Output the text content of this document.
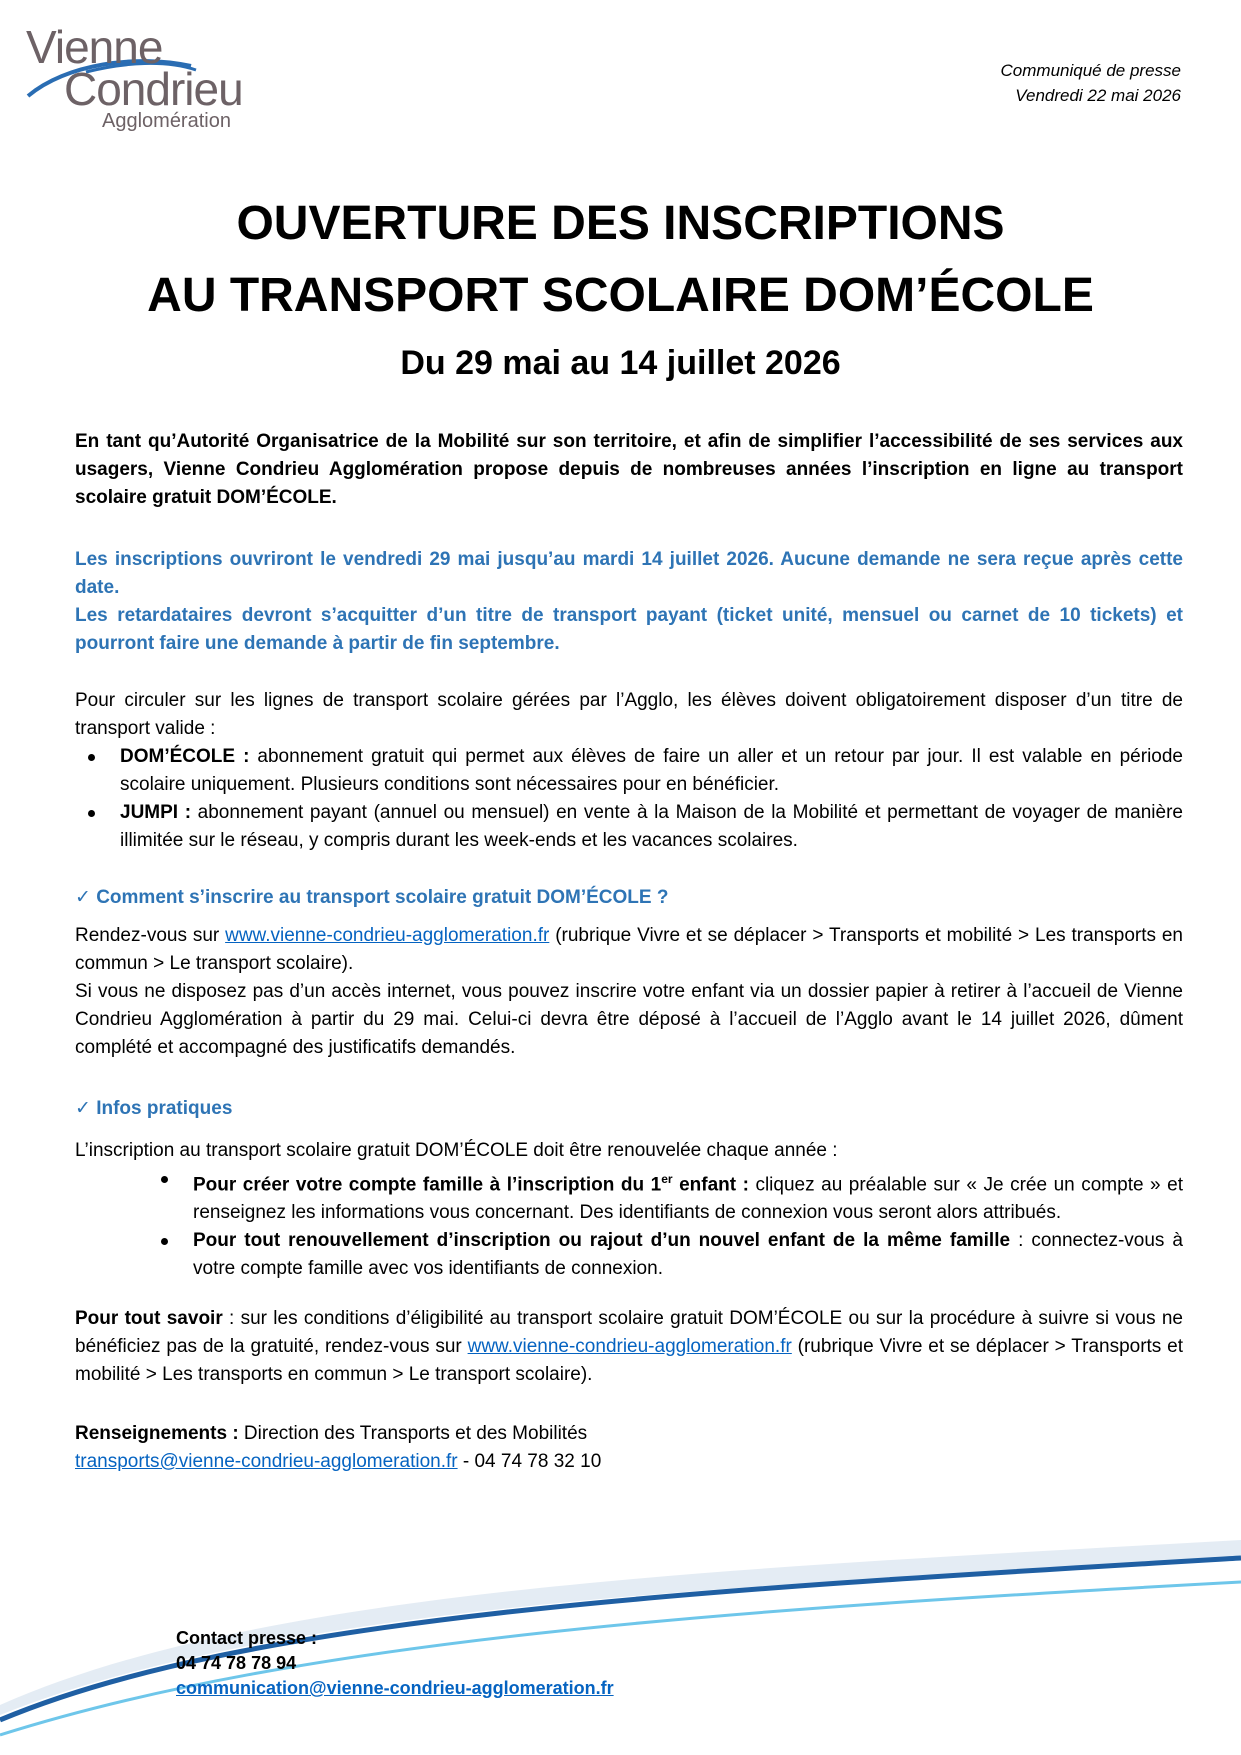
Vienne
Condrieu
Agglomération
Communiqué de presse
Vendredi 22 mai 2026
OUVERTURE DES INSCRIPTIONS
AU TRANSPORT SCOLAIRE DOM’ÉCOLE
Du 29 mai au 14 juillet 2026
En tant qu’Autorité Organisatrice de la Mobilité sur son territoire, et afin de simplifier l’accessibilité de ses services aux usagers, Vienne Condrieu Agglomération propose depuis de nombreuses années l’inscription en ligne au transport scolaire gratuit DOM’ÉCOLE.
Les inscriptions ouvriront le vendredi 29 mai jusqu’au mardi 14 juillet 2026. Aucune demande ne sera reçue après cette date.
Les retardataires devront s’acquitter d’un titre de transport payant (ticket unité, mensuel ou carnet de 10 tickets) et pourront faire une demande à partir de fin septembre.
Pour circuler sur les lignes de transport scolaire gérées par l’Agglo, les élèves doivent obligatoirement disposer d’un titre de transport valide :
DOM’ÉCOLE : abonnement gratuit qui permet aux élèves de faire un aller et un retour par jour. Il est valable en période scolaire uniquement. Plusieurs conditions sont nécessaires pour en bénéficier.
JUMPI : abonnement payant (annuel ou mensuel) en vente à la Maison de la Mobilité et permettant de voyager de manière illimitée sur le réseau, y compris durant les week-ends et les vacances scolaires.
✓ Comment s’inscrire au transport scolaire gratuit DOM’ÉCOLE ?
Rendez-vous sur www.vienne-condrieu-agglomeration.fr (rubrique Vivre et se déplacer > Transports et mobilité > Les transports en commun > Le transport scolaire).
Si vous ne disposez pas d’un accès internet, vous pouvez inscrire votre enfant via un dossier papier à retirer à l’accueil de Vienne Condrieu Agglomération à partir du 29 mai. Celui-ci devra être déposé à l’accueil de l’Agglo avant le 14 juillet 2026, dûment complété et accompagné des justificatifs demandés.
✓ Infos pratiques
L’inscription au transport scolaire gratuit DOM’ÉCOLE doit être renouvelée chaque année :
Pour créer votre compte famille à l’inscription du 1er enfant : cliquez au préalable sur « Je crée un compte » et renseignez les informations vous concernant. Des identifiants de connexion vous seront alors attribués.
Pour tout renouvellement d’inscription ou rajout d’un nouvel enfant de la même famille : connectez-vous à votre compte famille avec vos identifiants de connexion.
Pour tout savoir : sur les conditions d’éligibilité au transport scolaire gratuit DOM’ÉCOLE ou sur la procédure à suivre si vous ne bénéficiez pas de la gratuité, rendez-vous sur www.vienne-condrieu-agglomeration.fr (rubrique Vivre et se déplacer > Transports et mobilité > Les transports en commun > Le transport scolaire).
Renseignements : Direction des Transports et des Mobilités
transports@vienne-condrieu-agglomeration.fr - 04 74 78 32 10
Contact presse :
04 74 78 78 94
communication@vienne-condrieu-agglomeration.fr
